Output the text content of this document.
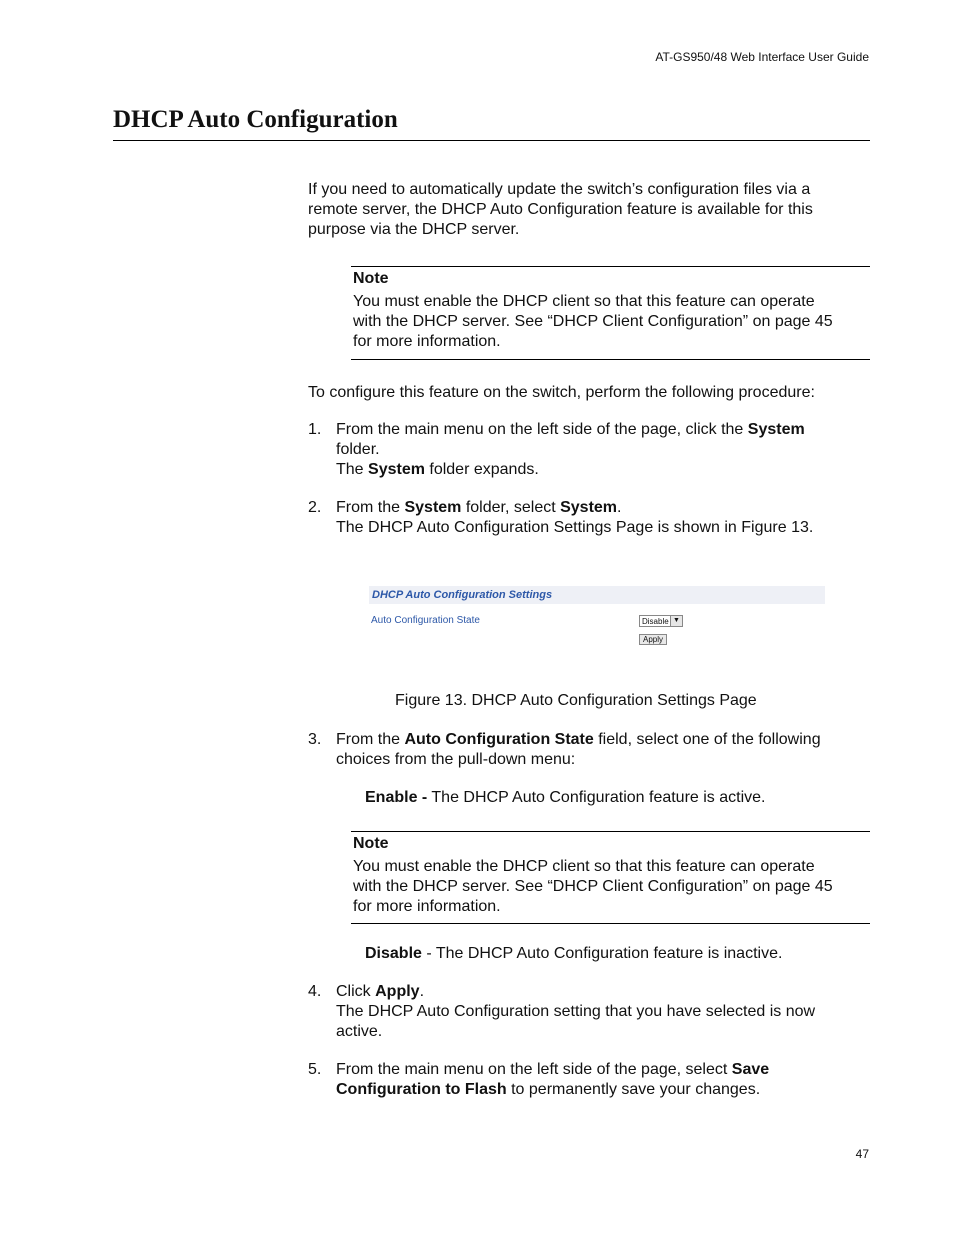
AT-GS950/48 Web Interface User Guide
DHCP Auto Configuration
If you need to automatically update the switch’s configuration files via a
remote server, the DHCP Auto Configuration feature is available for this
purpose via the DHCP server.
Note
You must enable the DHCP client so that this feature can operate
with the DHCP server. See “DHCP Client Configuration” on page 45
for more information.
To configure this feature on the switch, perform the following procedure:
1. From the main menu on the left side of the page, click the System
folder.
The System folder expands.
2. From the System folder, select System.
The DHCP Auto Configuration Settings Page is shown in Figure 13.
DHCP Auto Configuration Settings
Auto Configuration State	Disable ▼
Apply
Figure 13. DHCP Auto Configuration Settings Page
3. From the Auto Configuration State field, select one of the following
choices from the pull-down menu:
Enable - The DHCP Auto Configuration feature is active.
Note
You must enable the DHCP client so that this feature can operate
with the DHCP server. See “DHCP Client Configuration” on page 45
for more information.
Disable - The DHCP Auto Configuration feature is inactive.
4. Click Apply.
The DHCP Auto Configuration setting that you have selected is now
active.
5. From the main menu on the left side of the page, select Save
Configuration to Flash to permanently save your changes.
47
